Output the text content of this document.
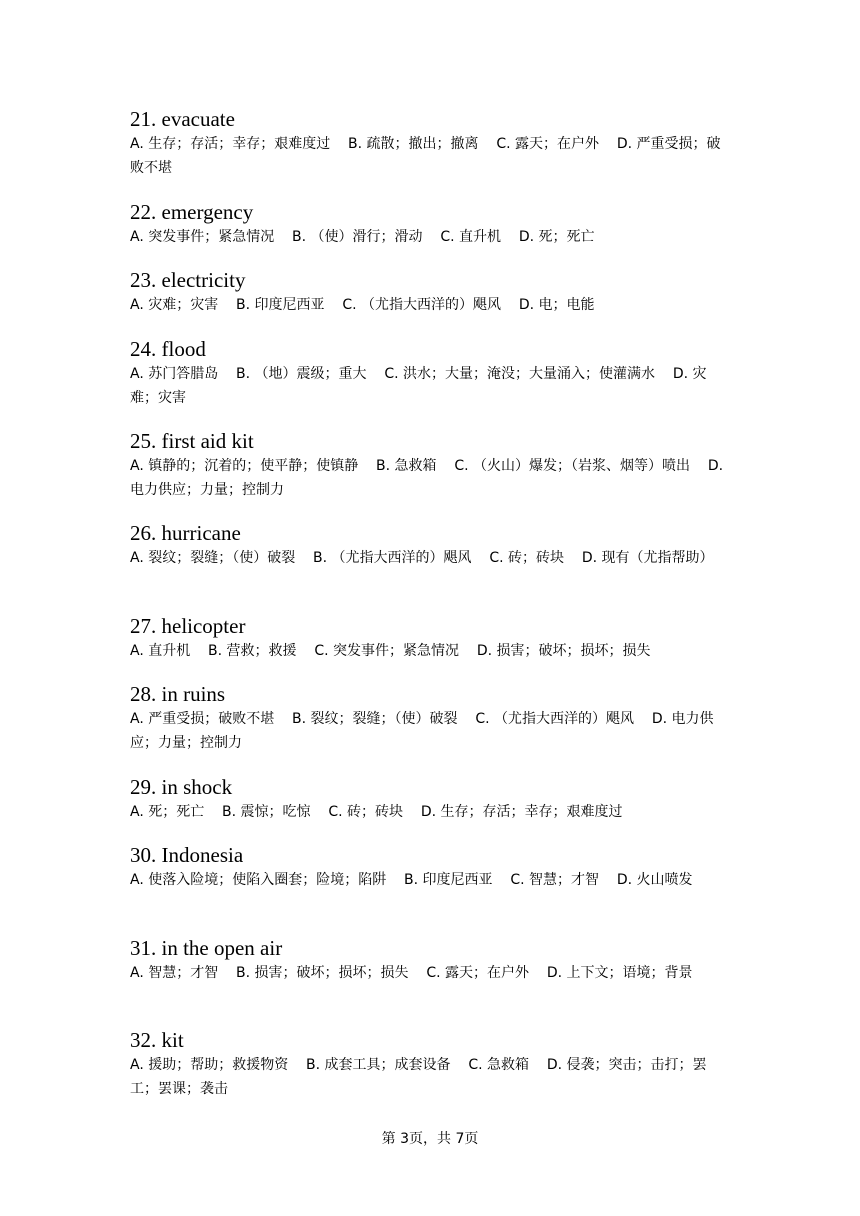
21. evacuate

A. 生存；存活；幸存；艰难度过 B. 疏散；撤出；撤离 C. 露天；在户外 D. 严重受损；破败不堪

22. emergency

A. 突发事件；紧急情况 B. （使）滑行；滑动 C. 直升机 D. 死；死亡

23. electricity

A. 灾难；灾害 B. 印度尼西亚 C. （尤指大西洋的）飓风 D. 电；电能

24. flood

A. 苏门答腊岛 B. （地）震级；重大 C. 洪水；大量；淹没；大量涌入；使灌满水 D. 灾难；灾害

25. first aid kit

A. 镇静的；沉着的；使平静；使镇静 B. 急救箱 C. （火山）爆发；（岩浆、烟等）喷出 D. 电力供应；力量；控制力

26. hurricane

A. 裂纹；裂缝；（使）破裂 B. （尤指大西洋的）飓风 C. 砖；砖块 D. 现有（尤指帮助）

27. helicopter

A. 直升机 B. 营救；救援 C. 突发事件；紧急情况 D. 损害；破坏；损坏；损失

28. in ruins

A. 严重受损；破败不堪 B. 裂纹；裂缝；（使）破裂 C. （尤指大西洋的）飓风 D. 电力供应；力量；控制力

29. in shock

A. 死；死亡 B. 震惊；吃惊 C. 砖；砖块 D. 生存；存活；幸存；艰难度过

30. Indonesia

A. 使落入险境；使陷入圈套；险境；陷阱 B. 印度尼西亚 C. 智慧；才智 D. 火山喷发

31. in the open air

A. 智慧；才智 B. 损害；破坏；损坏；损失 C. 露天；在户外 D. 上下文；语境；背景

32. kit

A. 援助；帮助；救援物资 B. 成套工具；成套设备 C. 急救箱 D. 侵袭；突击；击打；罢工；罢课；袭击

第 3页，共 7页
